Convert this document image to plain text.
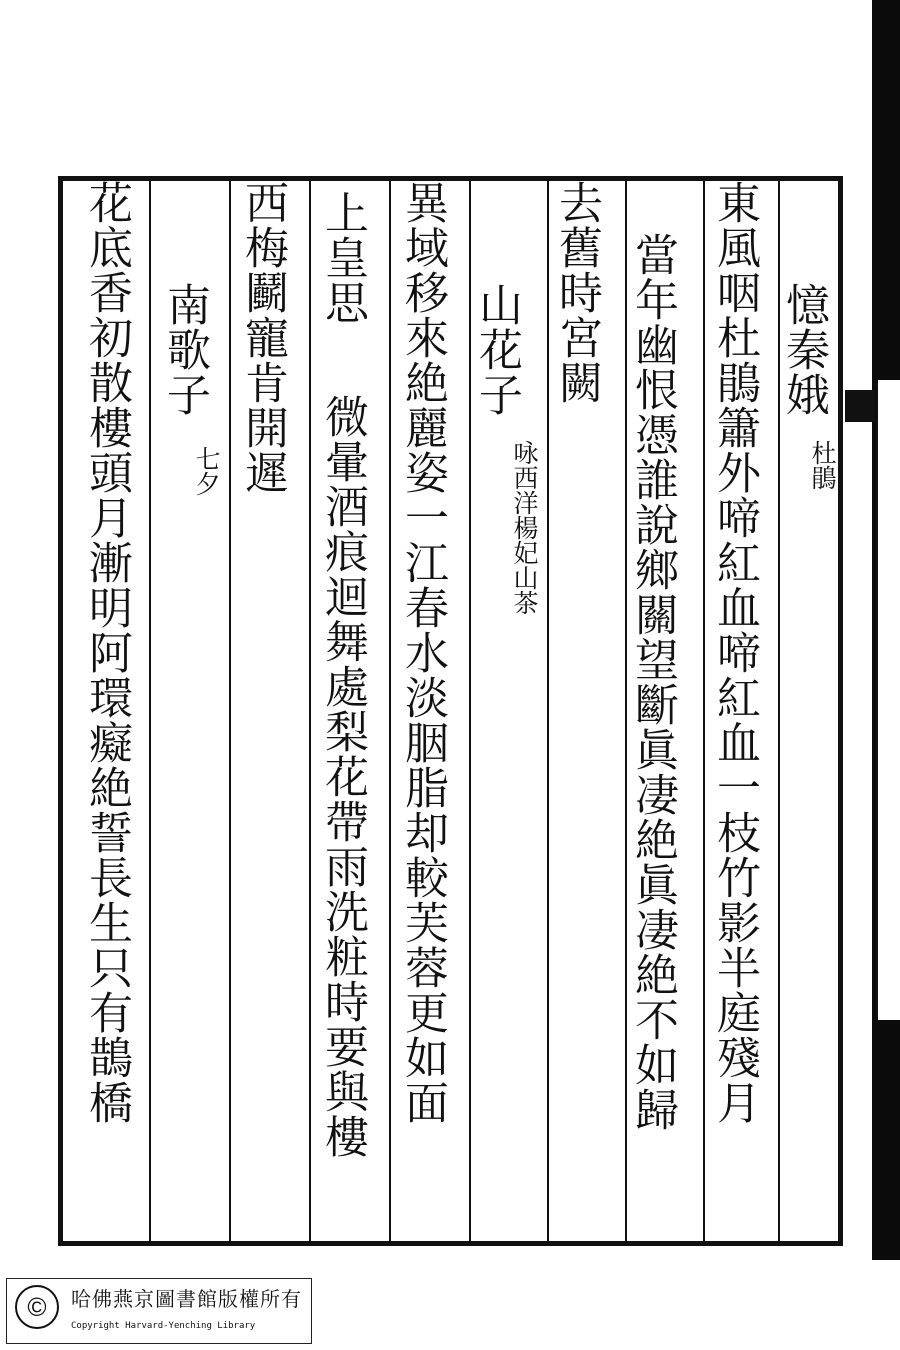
憶秦娥
杜鵑
東風咽杜鵑簫外啼紅血啼紅血一枝竹影半庭殘月
當年幽恨憑誰說鄉關望斷眞凄絶眞凄絶不如歸
去舊時宮闕
山花子
咏西洋楊妃山茶
異域移來絶麗姿一江春水淡胭脂却較芙蓉更如面
上皇思
微暈酒痕迴舞處梨花帶雨洗粧時要與樓
西梅鬬寵肯開遲
南歌子
七夕
花底香初散樓頭月漸明阿環癡絶誓長生只有鵲橋
©	哈佛燕京圖書館版權所有
Copyright Harvard-Yenching Library
